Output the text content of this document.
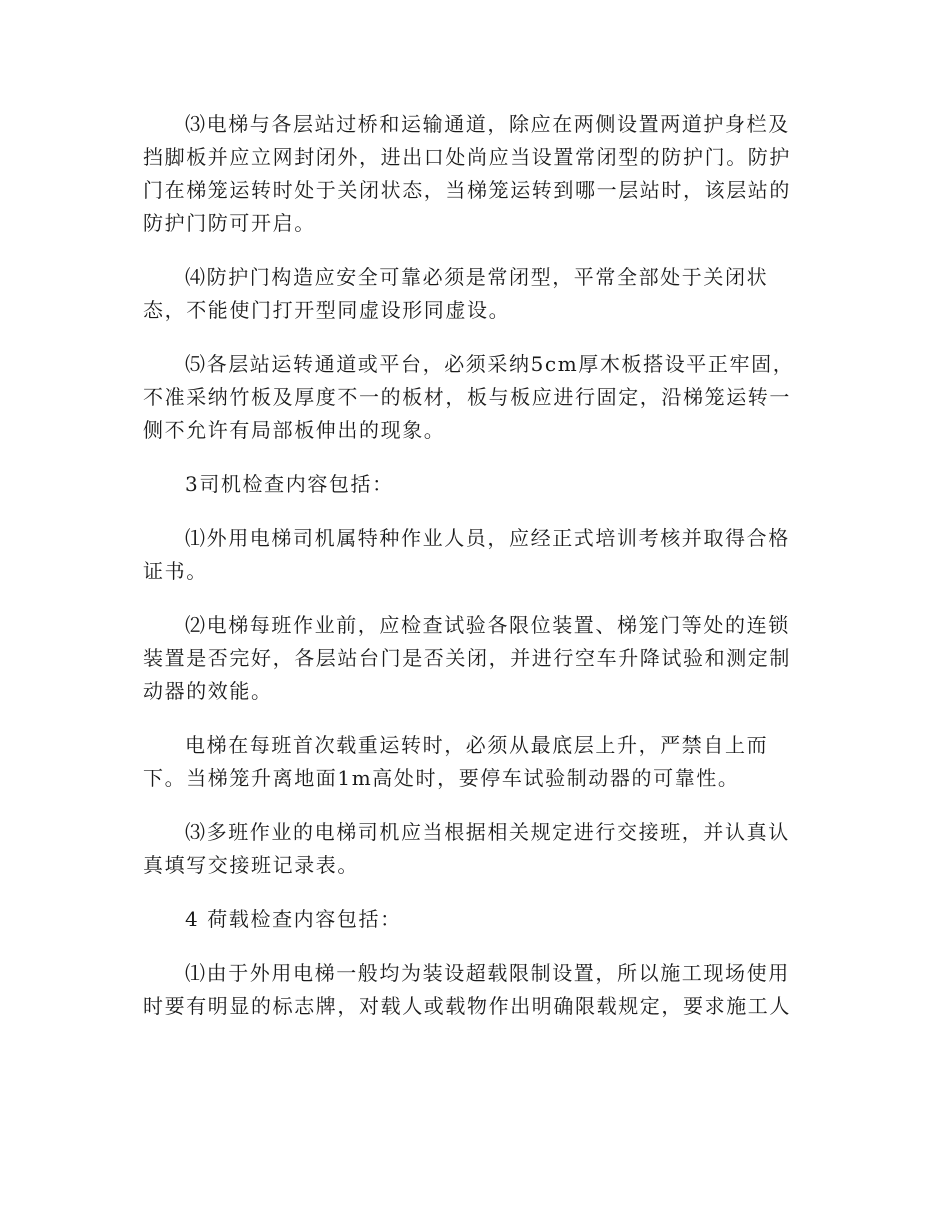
⑶电梯与各层站过桥和运输通道，除应在两侧设置两道护身栏及挡脚板并应立网封闭外，进出口处尚应当设置常闭型的防护门。防护门在梯笼运转时处于关闭状态，当梯笼运转到哪一层站时，该层站的防护门防可开启。

⑷防护门构造应安全可靠必须是常闭型，平常全部处于关闭状态，不能使门打开型同虚设形同虚设。

⑸各层站运转通道或平台，必须采纳5cm厚木板搭设平正牢固，不准采纳竹板及厚度不一的板材，板与板应进行固定，沿梯笼运转一侧不允许有局部板伸出的现象。

3司机检查内容包括：

⑴外用电梯司机属特种作业人员，应经正式培训考核并取得合格证书。

⑵电梯每班作业前，应检查试验各限位装置、梯笼门等处的连锁装置是否完好，各层站台门是否关闭，并进行空车升降试验和测定制动器的效能。

电梯在每班首次载重运转时，必须从最底层上升，严禁自上而下。当梯笼升离地面1m高处时，要停车试验制动器的可靠性。

⑶多班作业的电梯司机应当根据相关规定进行交接班，并认真认真填写交接班记录表。

4 荷载检查内容包括：

⑴由于外用电梯一般均为装设超载限制设置，所以施工现场使用时要有明显的标志牌，对载人或载物作出明确限载规定，要求施工人
